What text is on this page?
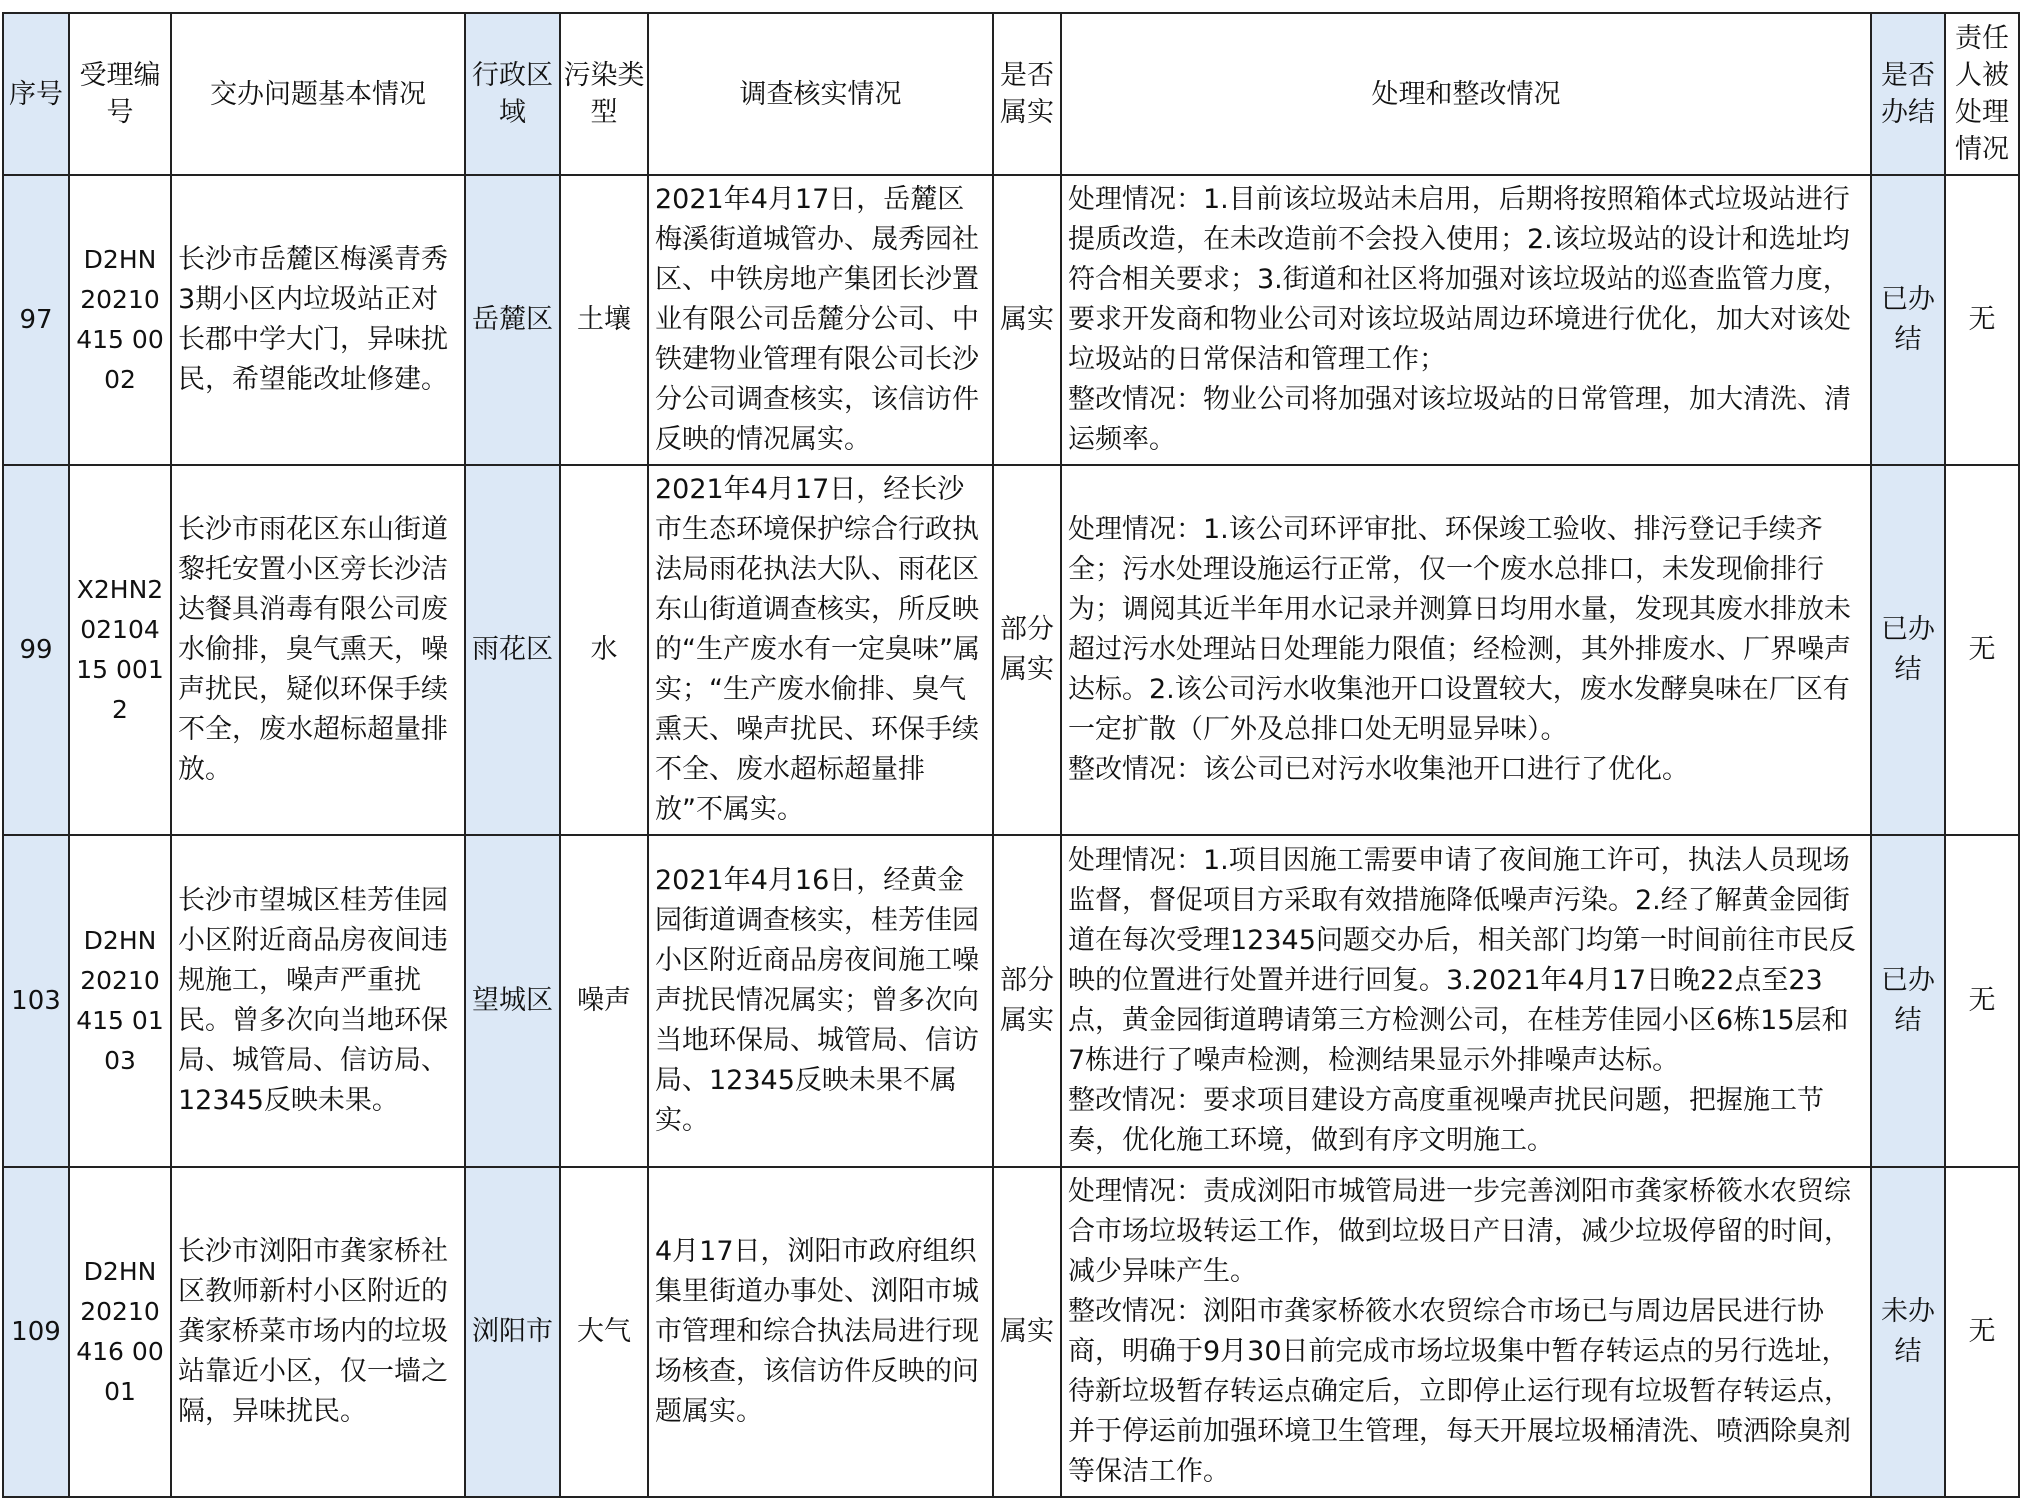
序号	受理编号	交办问题基本情况	行政区域	污染类型	调查核实情况	是否属实	处理和整改情况	是否办结	责任人被处理情况
97	D2HN20210415 0002	长沙市岳麓区梅溪青秀3期小区内垃圾站正对长郡中学大门，异味扰民，希望能改址修建。	岳麓区	土壤	2021年4月17日，岳麓区梅溪街道城管办、晟秀园社区、中铁房地产集团长沙置业有限公司岳麓分公司、中铁建物业管理有限公司长沙分公司调查核实，该信访件反映的情况属实。	属实	处理情况：1.目前该垃圾站未启用，后期将按照箱体式垃圾站进行提质改造，在未改造前不会投入使用；2.该垃圾站的设计和选址均符合相关要求；3.街道和社区将加强对该垃圾站的巡查监管力度，要求开发商和物业公司对该垃圾站周边环境进行优化，加大对该处垃圾站的日常保洁和管理工作；

整改情况：物业公司将加强对该垃圾站的日常管理，加大清洗、清运频率。	已办结	无
99	X2HN20210415 0012	长沙市雨花区东山街道黎托安置小区旁长沙洁达餐具消毒有限公司废水偷排，臭气熏天，噪声扰民，疑似环保手续不全，废水超标超量排放。	雨花区	水	2021年4月17日，经长沙市生态环境保护综合行政执法局雨花执法大队、雨花区东山街道调查核实，所反映的“生产废水有一定臭味”属实；“生产废水偷排、臭气熏天、噪声扰民、环保手续不全、废水超标超量排放”不属实。	部分属实	处理情况：1.该公司环评审批、环保竣工验收、排污登记手续齐全；污水处理设施运行正常，仅一个废水总排口，未发现偷排行为；调阅其近半年用水记录并测算日均用水量，发现其废水排放未超过污水处理站日处理能力限值；经检测，其外排废水、厂界噪声达标。2.该公司污水收集池开口设置较大，废水发酵臭味在厂区有一定扩散（厂外及总排口处无明显异味）。

整改情况：该公司已对污水收集池开口进行了优化。	已办结	无
103	D2HN20210415 0103	长沙市望城区桂芳佳园小区附近商品房夜间违规施工，噪声严重扰民。曾多次向当地环保局、城管局、信访局、12345反映未果。	望城区	噪声	2021年4月16日，经黄金园街道调查核实，桂芳佳园小区附近商品房夜间施工噪声扰民情况属实；曾多次向当地环保局、城管局、信访局、12345反映未果不属实。	部分属实	处理情况：1.项目因施工需要申请了夜间施工许可，执法人员现场监督，督促项目方采取有效措施降低噪声污染。2.经了解黄金园街道在每次受理12345问题交办后，相关部门均第一时间前往市民反映的位置进行处置并进行回复。3.2021年4月17日晚22点至23点，黄金园街道聘请第三方检测公司，在桂芳佳园小区6栋15层和7栋进行了噪声检测，检测结果显示外排噪声达标。

整改情况：要求项目建设方高度重视噪声扰民问题，把握施工节奏，优化施工环境，做到有序文明施工。	已办结	无
109	D2HN20210416 0001	长沙市浏阳市龚家桥社区教师新村小区附近的龚家桥菜市场内的垃圾站靠近小区，仅一墙之隔，异味扰民。	浏阳市	大气	4月17日，浏阳市政府组织集里街道办事处、浏阳市城市管理和综合执法局进行现场核查，该信访件反映的问题属实。	属实	处理情况：责成浏阳市城管局进一步完善浏阳市龚家桥筱水农贸综合市场垃圾转运工作，做到垃圾日产日清，减少垃圾停留的时间，减少异味产生。

整改情况：浏阳市龚家桥筱水农贸综合市场已与周边居民进行协商，明确于9月30日前完成市场垃圾集中暂存转运点的另行选址，待新垃圾暂存转运点确定后，立即停止运行现有垃圾暂存转运点，并于停运前加强环境卫生管理，每天开展垃圾桶清洗、喷洒除臭剂等保洁工作。	未办结	无
